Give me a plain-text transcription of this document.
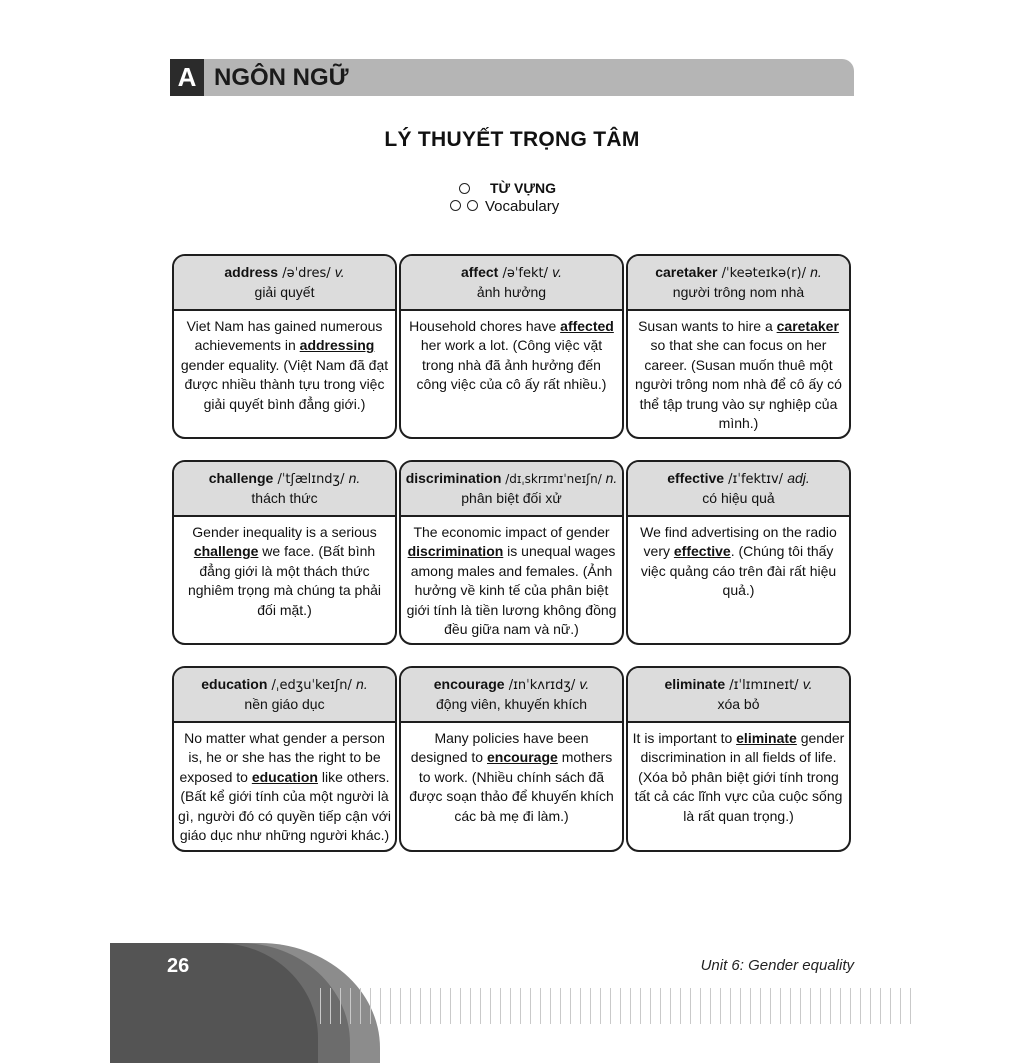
A NGÔN NGỮ
LÝ THUYẾT TRỌNG TÂM
TỪ VỰNG
Vocabulary
address /əˈdres/ v.
giải quyết
Viet Nam has gained numerous achievements in addressing gender equality. (Việt Nam đã đạt được nhiều thành tựu trong việc giải quyết bình đẳng giới.)
affect /əˈfekt/ v.
ảnh hưởng
Household chores have affected her work a lot. (Công việc vặt trong nhà đã ảnh hưởng đến công việc của cô ấy rất nhiều.)
caretaker /ˈkeəteɪkə(r)/ n.
người trông nom nhà
Susan wants to hire a caretaker so that she can focus on her career. (Susan muốn thuê một người trông nom nhà để cô ấy có thể tập trung vào sự nghiệp của mình.)
challenge /ˈtʃælɪndʒ/ n.
thách thức
Gender inequality is a serious challenge we face. (Bất bình đẳng giới là một thách thức nghiêm trọng mà chúng ta phải đối mặt.)
discrimination /dɪˌskrɪmɪˈneɪʃn/ n.
phân biệt đối xử
The economic impact of gender discrimination is unequal wages among males and females. (Ảnh hưởng về kinh tế của phân biệt giới tính là tiền lương không đồng đều giữa nam và nữ.)
effective /ɪˈfektɪv/ adj.
có hiệu quả
We find advertising on the radio very effective. (Chúng tôi thấy việc quảng cáo trên đài rất hiệu quả.)
education /ˌedʒuˈkeɪʃn/ n.
nền giáo dục
No matter what gender a person is, he or she has the right to be exposed to education like others. (Bất kể giới tính của một người là gì, người đó có quyền tiếp cận với giáo dục như những người khác.)
encourage /ɪnˈkʌrɪdʒ/ v.
động viên, khuyến khích
Many policies have been designed to encourage mothers to work. (Nhiều chính sách đã được soạn thảo để khuyến khích các bà mẹ đi làm.)
eliminate /ɪˈlɪmɪneɪt/ v.
xóa bỏ
It is important to eliminate gender discrimination in all fields of life. (Xóa bỏ phân biệt giới tính trong tất cả các lĩnh vực của cuộc sống là rất quan trọng.)
26	Unit 6: Gender equality
